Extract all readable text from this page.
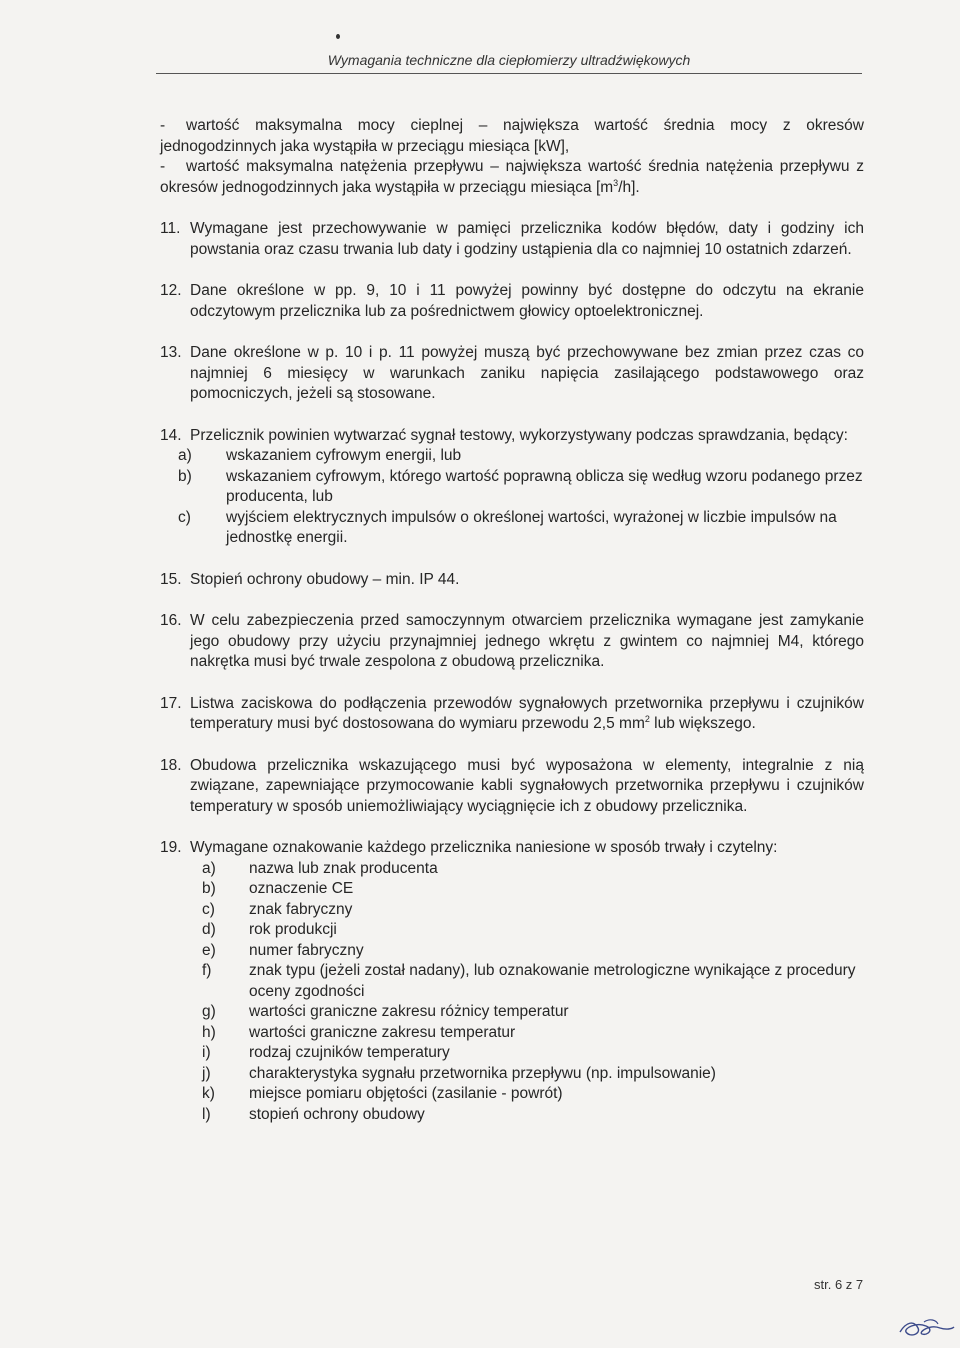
Wymagania techniczne dla ciepłomierzy ultradźwiękowych
- wartość maksymalna mocy cieplnej – największa wartość średnia mocy z okresów jednogodzinnych jaka wystąpiła w przeciągu miesiąca [kW],
- wartość maksymalna natężenia przepływu – największa wartość średnia natężenia przepływu z okresów jednogodzinnych jaka wystąpiła w przeciągu miesiąca $[m^3/h]$.
11. Wymagane jest przechowywanie w pamięci przelicznika kodów błędów, daty i godziny ich powstania oraz czasu trwania lub daty i godziny ustąpienia dla co najmniej 10 ostatnich zdarzeń.
12. Dane określone w pp. 9, 10 i 11 powyżej powinny być dostępne do odczytu na ekranie odczytowym przelicznika lub za pośrednictwem głowicy optoelektronicznej.
13. Dane określone w p. 10 i p. 11 powyżej muszą być przechowywane bez zmian przez czas co najmniej 6 miesięcy w warunkach zaniku napięcia zasilającego podstawowego oraz pomocniczych, jeżeli są stosowane.
14. Przelicznik powinien wytwarzać sygnał testowy, wykorzystywany podczas sprawdzania, będący:
a) wskazaniem cyfrowym energii, lub
b) wskazaniem cyfrowym, którego wartość poprawną oblicza się według wzoru podanego przez producenta, lub
c) wyjściem elektrycznych impulsów o określonej wartości, wyrażonej w liczbie impulsów na jednostkę energii.
15. Stopień ochrony obudowy – min. IP 44.
16. W celu zabezpieczenia przed samoczynnym otwarciem przelicznika wymagane jest zamykanie jego obudowy przy użyciu przynajmniej jednego wkrętu z gwintem co najmniej M4, którego nakrętka musi być trwale zespolona z obudową przelicznika.
17. Listwa zaciskowa do podłączenia przewodów sygnałowych przetwornika przepływu i czujników temperatury musi być dostosowana do wymiaru przewodu 2,5 $mm^2$ lub większego.
18. Obudowa przelicznika wskazującego musi być wyposażona w elementy, integralnie z nią związane, zapewniające przymocowanie kabli sygnałowych przetwornika przepływu i czujników temperatury w sposób uniemożliwiający wyciągnięcie ich z obudowy przelicznika.
19. Wymagane oznakowanie każdego przelicznika naniesione w sposób trwały i czytelny:
a) nazwa lub znak producenta
b) oznaczenie CE
c) znak fabryczny
d) rok produkcji
e) numer fabryczny
f) znak typu (jeżeli został nadany), lub oznakowanie metrologiczne wynikające z procedury oceny zgodności
g) wartości graniczne zakresu różnicy temperatur
h) wartości graniczne zakresu temperatur
i) rodzaj czujników temperatury
j) charakterystyka sygnału przetwornika przepływu (np. impulsowanie)
k) miejsce pomiaru objętości (zasilanie - powrót)
l) stopień ochrony obudowy
str. 6 z 7
